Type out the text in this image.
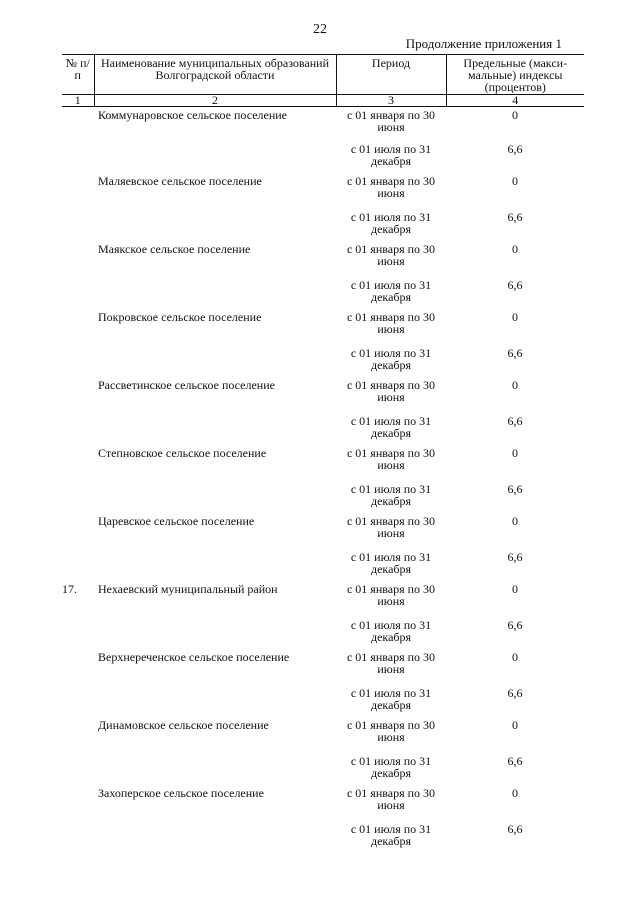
22
Продолжение приложения 1
№ п/п	Наименование муниципальных образований Волгоградской области	Период	Предельные (макси-мальные) индексы (процентов)
1	2	3	4
	Коммунаровское сельское поселение	с 01 января по 30 июня	0
		с 01 июля по 31 декабря	6,6
	Маляевское сельское поселение	с 01 января по 30 июня	0
		с 01 июля по 31 декабря	6,6
	Маякское сельское поселение	с 01 января по 30 июня	0
		с 01 июля по 31 декабря	6,6
	Покровское сельское поселение	с 01 января по 30 июня	0
		с 01 июля по 31 декабря	6,6
	Рассветинское сельское поселение	с 01 января по 30 июня	0
		с 01 июля по 31 декабря	6,6
	Степновское сельское поселение	с 01 января по 30 июня	0
		с 01 июля по 31 декабря	6,6
	Царевское сельское поселение	с 01 января по 30 июня	0
		с 01 июля по 31 декабря	6,6
17.	Нехаевский муниципальный район	с 01 января по 30 июня	0
		с 01 июля по 31 декабря	6,6
	Верхнереченское сельское поселение	с 01 января по 30 июня	0
		с 01 июля по 31 декабря	6,6
	Динамовское сельское поселение	с 01 января по 30 июня	0
		с 01 июля по 31 декабря	6,6
	Захоперское сельское поселение	с 01 января по 30 июня	0
		с 01 июля по 31 декабря	6,6
